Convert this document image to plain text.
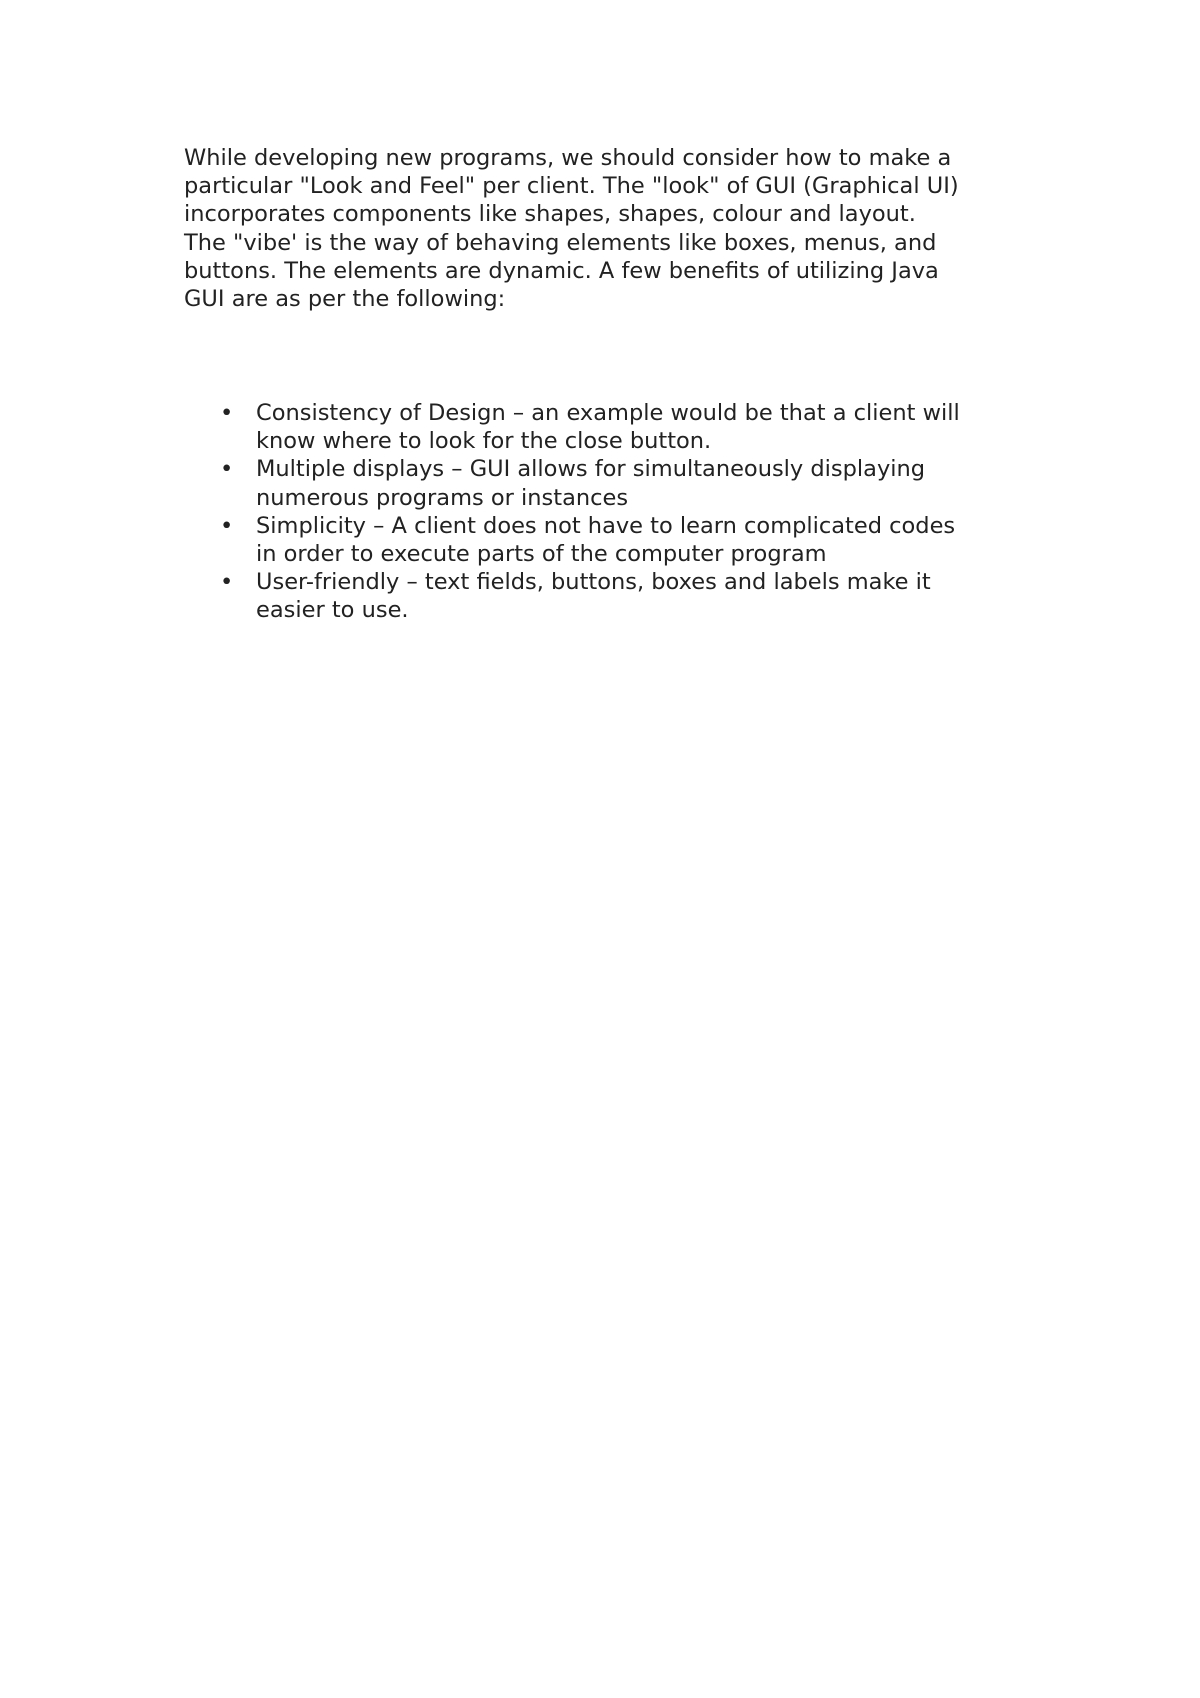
While developing new programs, we should consider how to make a
particular "Look and Feel" per client. The "look" of GUI (Graphical UI)
incorporates components like shapes, shapes, colour and layout.
The "vibe' is the way of behaving elements like boxes, menus, and
buttons. The elements are dynamic. A few benefits of utilizing Java
GUI are as per the following:
• Consistency of Design – an example would be that a client will
know where to look for the close button.
• Multiple displays – GUI allows for simultaneously displaying
numerous programs or instances
• Simplicity – A client does not have to learn complicated codes
in order to execute parts of the computer program
• User-friendly – text fields, buttons, boxes and labels make it
easier to use.
